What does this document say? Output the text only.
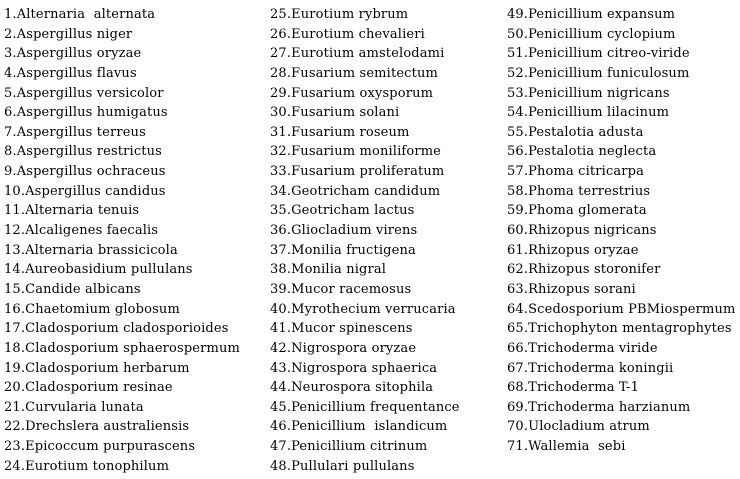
1.Alternaria  alternata
2.Aspergillus niger
3.Aspergillus oryzae
4.Aspergillus flavus
5.Aspergillus versicolor
6.Aspergillus humigatus
7.Aspergillus terreus
8.Aspergillus restrictus
9.Aspergillus ochraceus
10.Aspergillus candidus
11.Alternaria tenuis
12.Alcaligenes faecalis
13.Alternaria brassicicola
14.Aureobasidium pullulans
15.Candide albicans
16.Chaetomium globosum
17.Cladosporium cladosporioides
18.Cladosporium sphaerospermum
19.Cladosporium herbarum
20.Cladosporium resinae
21.Curvularia lunata
22.Drechslera australiensis
23.Epicoccum purpurascens
24.Eurotium tonophilum
25.Eurotium rybrum
26.Eurotium chevalieri
27.Eurotium amstelodami
28.Fusarium semitectum
29.Fusarium oxysporum
30.Fusarium solani
31.Fusarium roseum
32.Fusarium moniliforme
33.Fusarium proliferatum
34.Geotricham candidum
35.Geotricham lactus
36.Gliocladium virens
37.Monilia fructigena
38.Monilia nigral
39.Mucor racemosus
40.Myrothecium verrucaria
41.Mucor spinescens
42.Nigrospora oryzae
43.Nigrospora sphaerica
44.Neurospora sitophila
45.Penicillium frequentance
46.Penicillium  islandicum
47.Penicillium citrinum
48.Pullulari pullulans
49.Penicillium expansum
50.Penicillium cyclopium
51.Penicillium citreo-viride
52.Penicillium funiculosum
53.Penicillium nigricans
54.Penicillium lilacinum
55.Pestalotia adusta
56.Pestalotia neglecta
57.Phoma citricarpa
58.Phoma terrestrius
59.Phoma glomerata
60.Rhizopus nigricans
61.Rhizopus oryzae
62.Rhizopus storonifer
63.Rhizopus sorani
64.Scedosporium PBMiospermum
65.Trichophyton mentagrophytes
66.Trichoderma viride
67.Trichoderma koningii
68.Trichoderma T-1
69.Trichoderma harzianum
70.Ulocladium atrum
71.Wallemia  sebi
